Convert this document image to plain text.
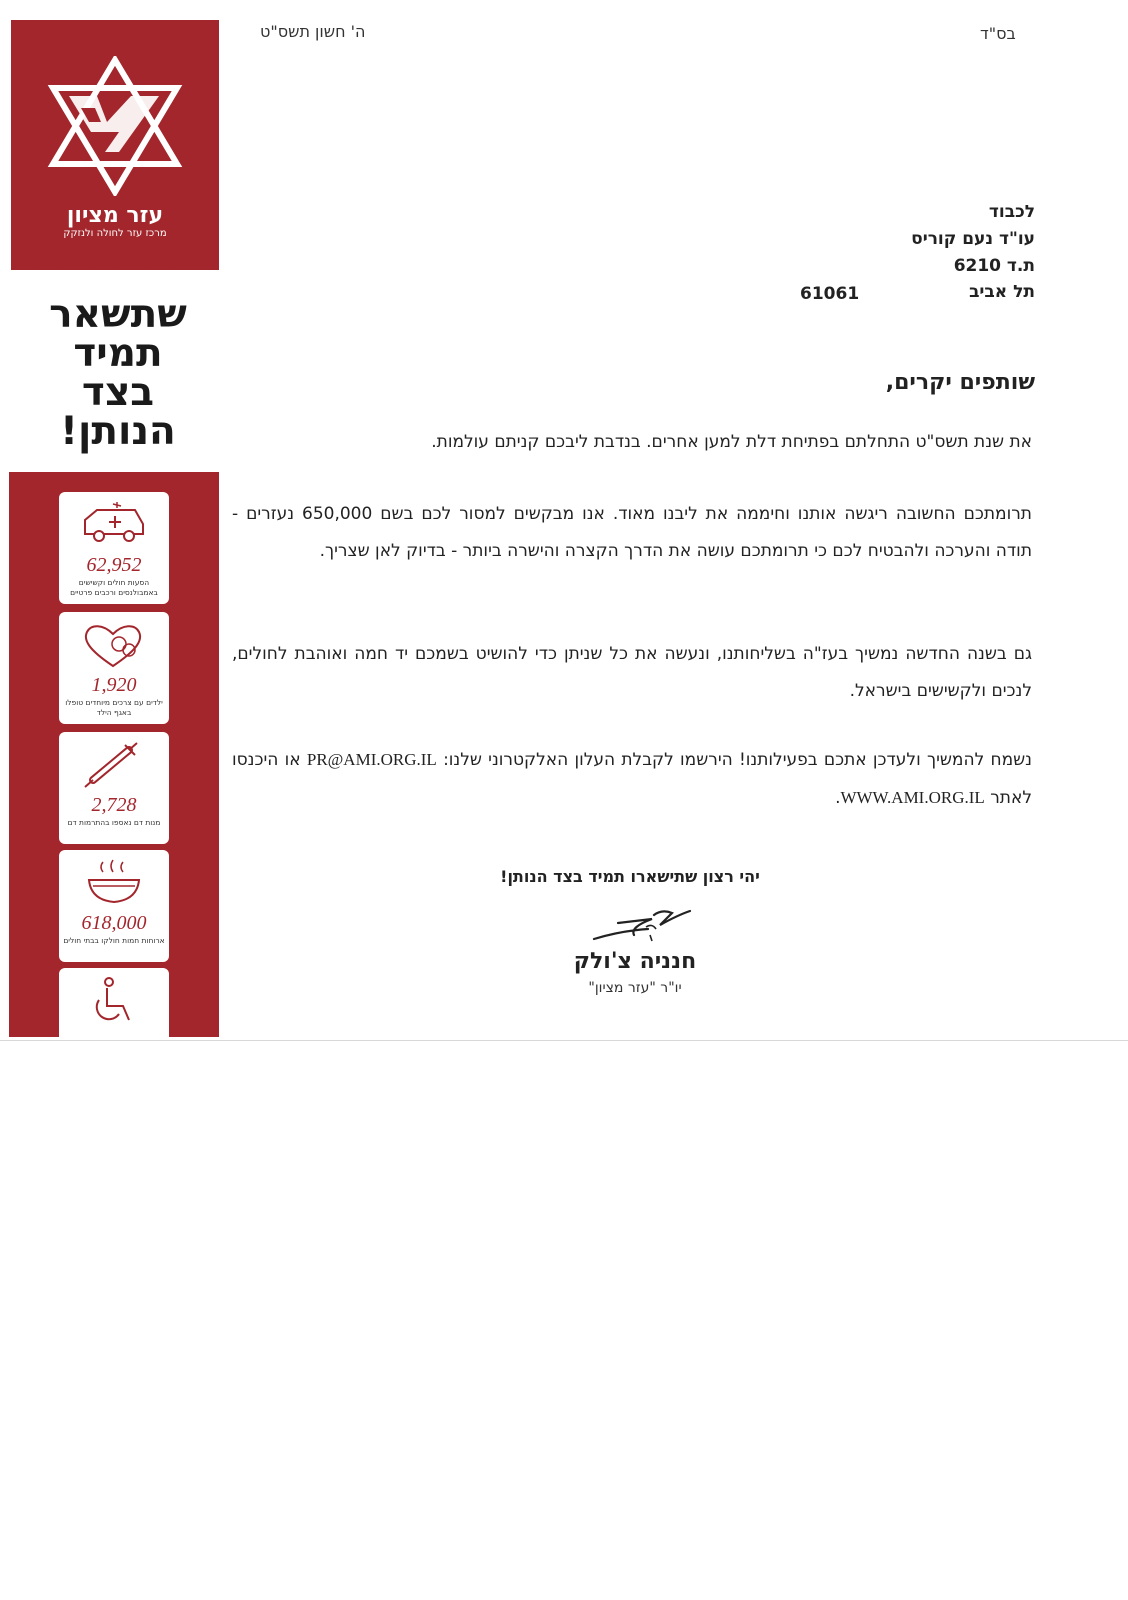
בס"ד
ה' חשון תשס"ט
עזר מציון
מרכז עזר לחולה ולנזקק
שתשאר
תמיד
בצד
הנותן!
62,952
הסעות חולים וקשישים באמבולנסים ורכבים פרטיים
1,920
ילדים עם צרכים מיוחדים טופלו באגף הילד
2,728
מנות דם נאספו בהתרמות דם
618,000
ארוחות חמות חולקו בבתי חולים
לכבוד
עו"ד נעם קוריס
ת.ד 6210
תל אביב
61061
שותפים יקרים,
את שנת תשס"ט התחלתם בפתיחת דלת למען אחרים. בנדבת ליבכם קניתם עולמות.
תרומתכם החשובה ריגשה אותנו וחיממה את ליבנו מאוד. אנו מבקשים למסור לכם בשם 650,000 נעזרים - תודה והערכה ולהבטיח לכם כי תרומתכם עושה את הדרך הקצרה והישרה ביותר - בדיוק לאן שצריך.
גם בשנה החדשה נמשיך בעז"ה בשליחותנו, ונעשה את כל שניתן כדי להושיט בשמכם יד חמה ואוהבת לחולים, לנכים ולקשישים בישראל.
נשמח להמשיך ולעדכן אתכם בפעילותנו! הירשמו לקבלת העלון האלקטרוני שלנו: PR@AMI.ORG.IL או היכנסו לאתר WWW.AMI.ORG.IL.
יהי רצון שתישארו תמיד בצד הנותן!
חנניה צ'ולק
יו"ר "עזר מציון"
